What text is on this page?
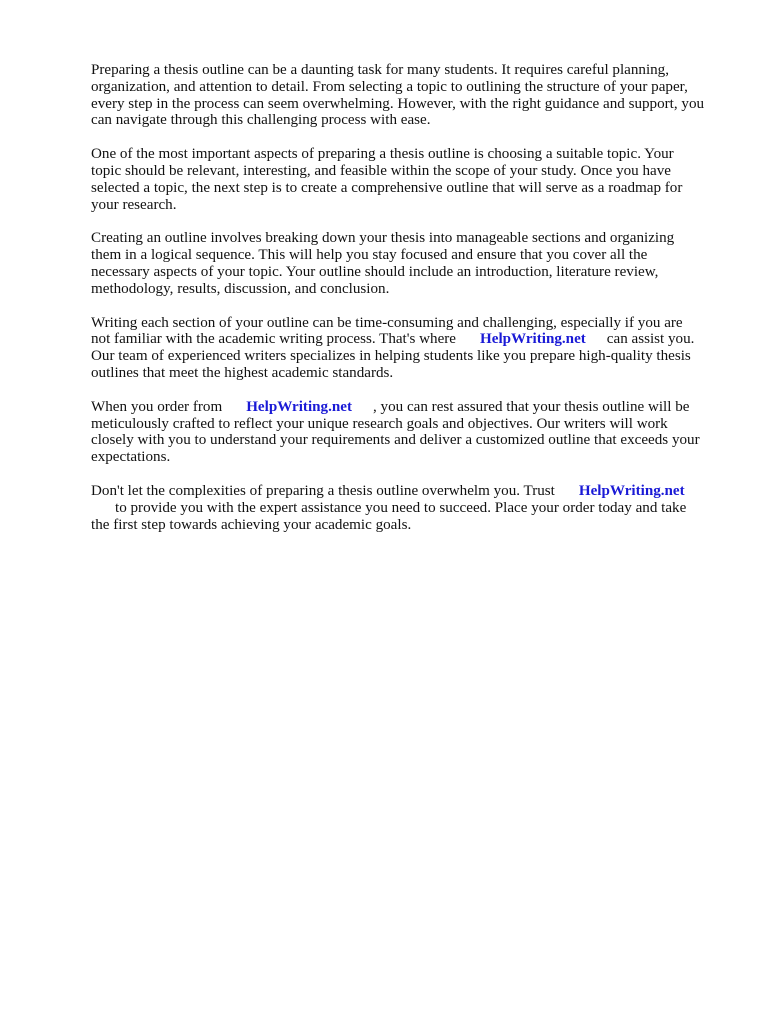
Preparing a thesis outline can be a daunting task for many students. It requires careful planning,
organization, and attention to detail. From selecting a topic to outlining the structure of your paper,
every step in the process can seem overwhelming. However, with the right guidance and support, you
can navigate through this challenging process with ease.

One of the most important aspects of preparing a thesis outline is choosing a suitable topic. Your
topic should be relevant, interesting, and feasible within the scope of your study. Once you have
selected a topic, the next step is to create a comprehensive outline that will serve as a roadmap for
your research.

Creating an outline involves breaking down your thesis into manageable sections and organizing
them in a logical sequence. This will help you stay focused and ensure that you cover all the
necessary aspects of your topic. Your outline should include an introduction, literature review,
methodology, results, discussion, and conclusion.

Writing each section of your outline can be time-consuming and challenging, especially if you are
not familiar with the academic writing process. That's where HelpWriting.net can assist you.
Our team of experienced writers specializes in helping students like you prepare high-quality thesis
outlines that meet the highest academic standards.

When you order from HelpWriting.net , you can rest assured that your thesis outline will be
meticulously crafted to reflect your unique research goals and objectives. Our writers will work
closely with you to understand your requirements and deliver a customized outline that exceeds your
expectations.

Don't let the complexities of preparing a thesis outline overwhelm you. Trust HelpWriting.net
to provide you with the expert assistance you need to succeed. Place your order today and take
the first step towards achieving your academic goals.
